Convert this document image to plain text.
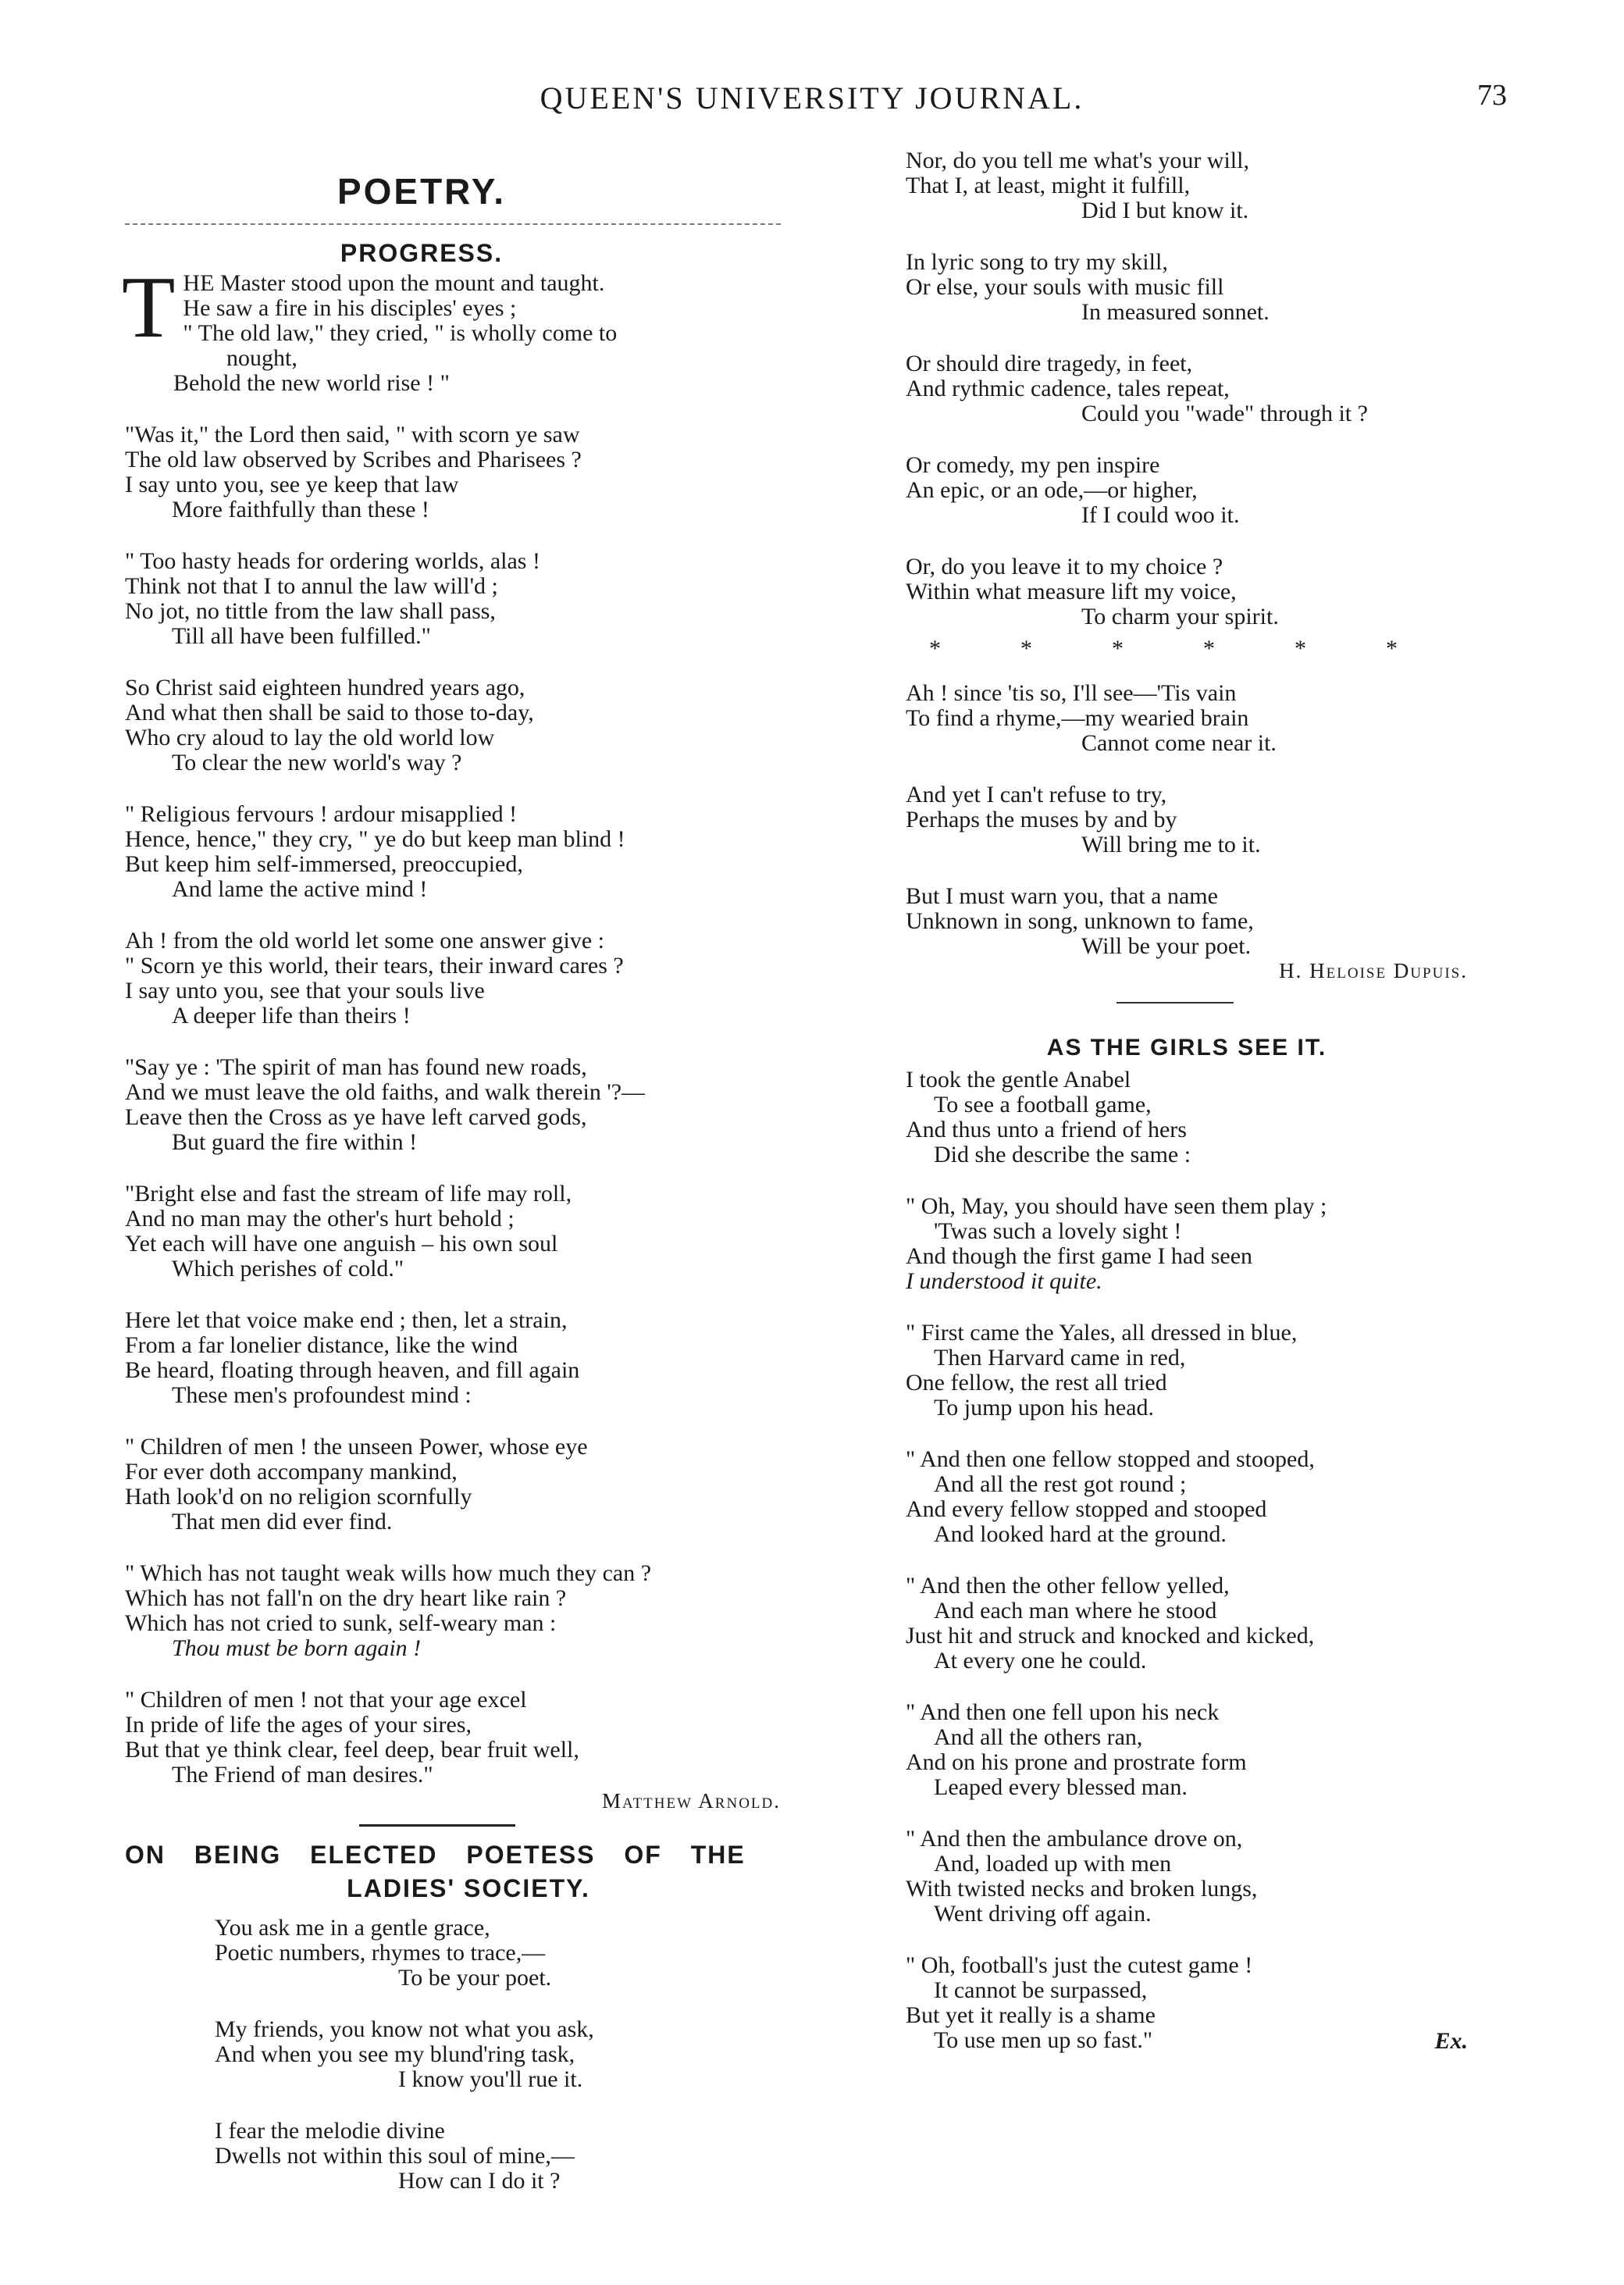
QUEEN'S UNIVERSITY JOURNAL.	73
POETRY.
PROGRESS.
T HE Master stood upon the mount and taught.
He saw a fire in his disciples' eyes ;
" The old law," they cried, " is wholly come to
nought,
Behold the new world rise ! "
"Was it," the Lord then said, " with scorn ye saw
The old law observed by Scribes and Pharisees ?
I say unto you, see ye keep that law
More faithfully than these !
" Too hasty heads for ordering worlds, alas !
Think not that I to annul the law will'd ;
No jot, no tittle from the law shall pass,
Till all have been fulfilled."
So Christ said eighteen hundred years ago,
And what then shall be said to those to-day,
Who cry aloud to lay the old world low
To clear the new world's way ?
" Religious fervours ! ardour misapplied !
Hence, hence," they cry, " ye do but keep man blind !
But keep him self-immersed, preoccupied,
And lame the active mind !
Ah ! from the old world let some one answer give :
" Scorn ye this world, their tears, their inward cares ?
I say unto you, see that your souls live
A deeper life than theirs !
"Say ye : 'The spirit of man has found new roads,
And we must leave the old faiths, and walk therein '?—
Leave then the Cross as ye have left carved gods,
But guard the fire within !
"Bright else and fast the stream of life may roll,
And no man may the other's hurt behold ;
Yet each will have one anguish – his own soul
Which perishes of cold."
Here let that voice make end ; then, let a strain,
From a far lonelier distance, like the wind
Be heard, floating through heaven, and fill again
These men's profoundest mind :
" Children of men ! the unseen Power, whose eye
For ever doth accompany mankind,
Hath look'd on no religion scornfully
That men did ever find.
" Which has not taught weak wills how much they can ?
Which has not fall'n on the dry heart like rain ?
Which has not cried to sunk, self-weary man :
Thou must be born again !
" Children of men ! not that your age excel
In pride of life the ages of your sires,
But that ye think clear, feel deep, bear fruit well,
The Friend of man desires."
Matthew Arnold.
ON BEING ELECTED POETESS OF THE
LADIES' SOCIETY.
You ask me in a gentle grace,
Poetic numbers, rhymes to trace,—
To be your poet.
My friends, you know not what you ask,
And when you see my blund'ring task,
I know you'll rue it.
I fear the melodie divine
Dwells not within this soul of mine,—
How can I do it ?
Nor, do you tell me what's your will,
That I, at least, might it fulfill,
Did I but know it.
In lyric song to try my skill,
Or else, your souls with music fill
In measured sonnet.
Or should dire tragedy, in feet,
And rythmic cadence, tales repeat,
Could you "wade" through it ?
Or comedy, my pen inspire
An epic, or an ode,—or higher,
If I could woo it.
Or, do you leave it to my choice ?
Within what measure lift my voice,
To charm your spirit.
*	*	*	*	*	*
Ah ! since 'tis so, I'll see—'Tis vain
To find a rhyme,—my wearied brain
Cannot come near it.
And yet I can't refuse to try,
Perhaps the muses by and by
Will bring me to it.
But I must warn you, that a name
Unknown in song, unknown to fame,
Will be your poet.
H. Heloise Dupuis.
AS THE GIRLS SEE IT.
I took the gentle Anabel
To see a football game,
And thus unto a friend of hers
Did she describe the same :
" Oh, May, you should have seen them play ;
'Twas such a lovely sight !
And though the first game I had seen
I understood it quite.
" First came the Yales, all dressed in blue,
Then Harvard came in red,
One fellow, the rest all tried
To jump upon his head.
" And then one fellow stopped and stooped,
And all the rest got round ;
And every fellow stopped and stooped
And looked hard at the ground.
" And then the other fellow yelled,
And each man where he stood
Just hit and struck and knocked and kicked,
At every one he could.
" And then one fell upon his neck
And all the others ran,
And on his prone and prostrate form
Leaped every blessed man.
" And then the ambulance drove on,
And, loaded up with men
With twisted necks and broken lungs,
Went driving off again.
" Oh, football's just the cutest game !
It cannot be surpassed,
But yet it really is a shame
To use men up so fast."	Ex.
